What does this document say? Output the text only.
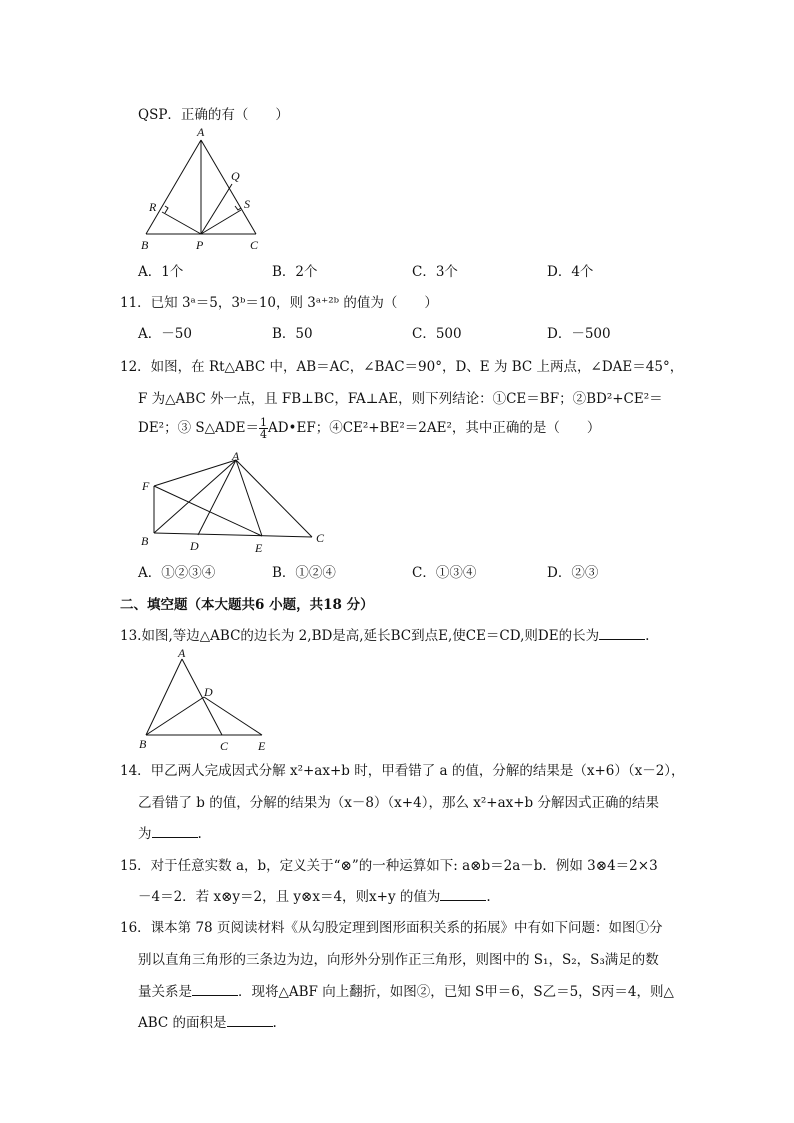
QSP．正确的有（　　）
A
Q
R	S
B	P	C
A．1个	B．2个	C．3个	D．4个
11．已知 3ᵃ＝5，3ᵇ＝10，则 3ᵃ⁺²ᵇ 的值为（　　）
A．－50	B．50	C．500	D．－500
12．如图，在 Rt△ABC 中，AB＝AC，∠BAC＝90°，D、E 为 BC 上两点，∠DAE＝45°，
F 为△ABC 外一点，且 FB⊥BC，FA⊥AE，则下列结论：①CE＝BF；②BD²+CE²＝
DE²；③ S△ADE＝ $\frac{1}{4}$ AD•EF；④CE²+BE²＝2AE²，其中正确的是（　　）
A
F
B	D	E
C
A．①②③④	B．①②④	C．①③④	D．②③
二、填空题（本大题共6 小题，共18 分）
13.如图,等边△ABC的边长为 2,BD是高,延长BC到点E,使CE＝CD,则DE的长为	.
A
D
B	C E
14．甲乙两人完成因式分解 x²+ax+b 时，甲看错了 a 的值，分解的结果是（x+6）（x－2），
乙看错了 b 的值，分解的结果为（x－8）（x+4），那么 x²+ax+b 分解因式正确的结果
为	.
15．对于任意实数 a，b，定义关于“⊗”的一种运算如下: a⊗b＝2a－b．例如 3⊗4＝2×3
－4＝2．若 x⊗y＝2，且 y⊗x＝4，则x+y 的值为	.
16．课本第 78 页阅读材料《从勾股定理到图形面积关系的拓展》中有如下问题：如图①分
别以直角三角形的三条边为边，向形外分别作正三角形，则图中的 S₁，S₂，S₃满足的数
量关系是	．现将△ABF 向上翻折，如图②，已知 S甲＝6，S乙＝5，S丙＝4，则△
ABC 的面积是	.
